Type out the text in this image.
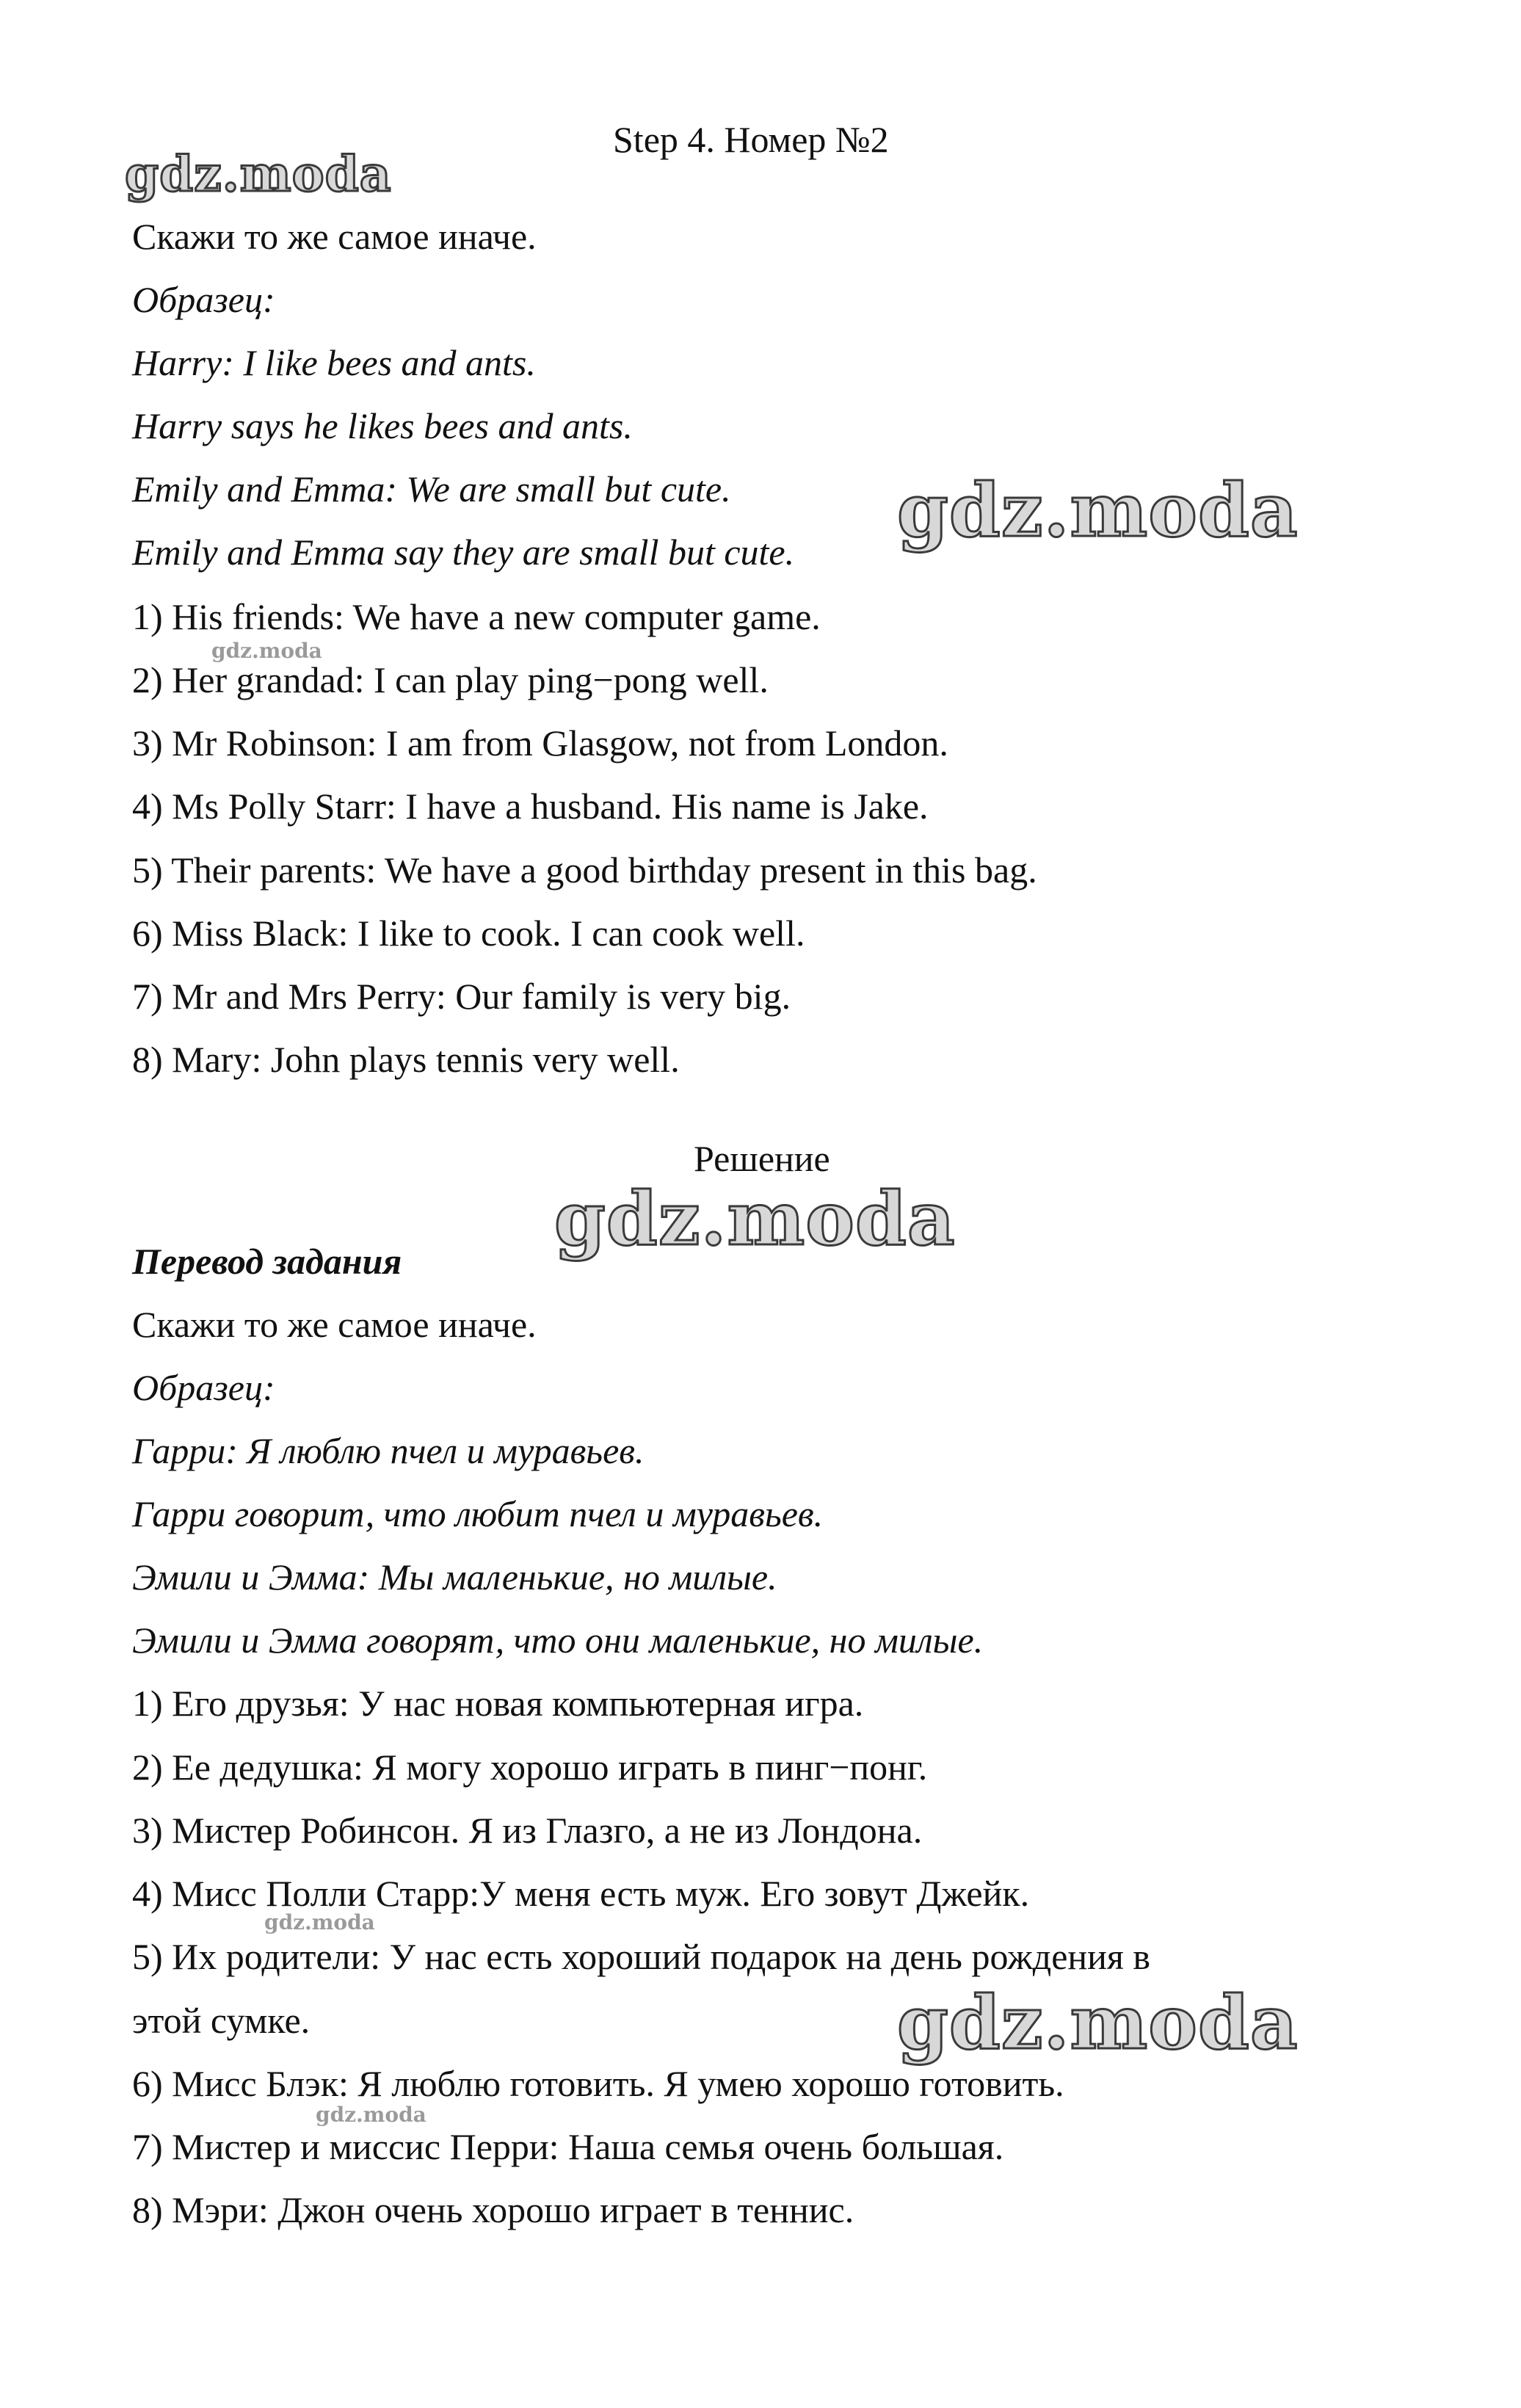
Step 4. Номер №2
Скажи то же самое иначе.
Образец:
Harry: I like bees and ants.
Harry says he likes bees and ants.
Emily and Emma: We are small but cute.
Emily and Emma say they are small but cute.
1) His friends: We have a new computer game.
2) Her grandad: I can play ping−pong well.
3) Mr Robinson: I am from Glasgow, not from London.
4) Ms Polly Starr: I have a husband. His name is Jake.
5) Their parents: We have a good birthday present in this bag.
6) Miss Black: I like to cook. I can cook well.
7) Mr and Mrs Perry: Our family is very big.
8) Mary: John plays tennis very well.
Решение
Перевод задания
Скажи то же самое иначе.
Образец:
Гарри: Я люблю пчел и муравьев.
Гарри говорит, что любит пчел и муравьев.
Эмили и Эмма: Мы маленькие, но милые.
Эмили и Эмма говорят, что они маленькие, но милые.
1) Его друзья: У нас новая компьютерная игра.
2) Ее дедушка: Я могу хорошо играть в пинг−понг.
3) Мистер Робинсон. Я из Глазго, а не из Лондона.
4) Мисс Полли Старр:У меня есть муж. Его зовут Джейк.
5) Их родители: У нас есть хороший подарок на день рождения в
этой сумке.
6) Мисс Блэк: Я люблю готовить. Я умею хорошо готовить.
7) Мистер и миссис Перри: Наша семья очень большая.
8) Мэри: Джон очень хорошо играет в теннис.
gdz.moda
gdz.moda
gdz.moda
gdz.moda
gdz.moda
gdz.moda
gdz.moda
